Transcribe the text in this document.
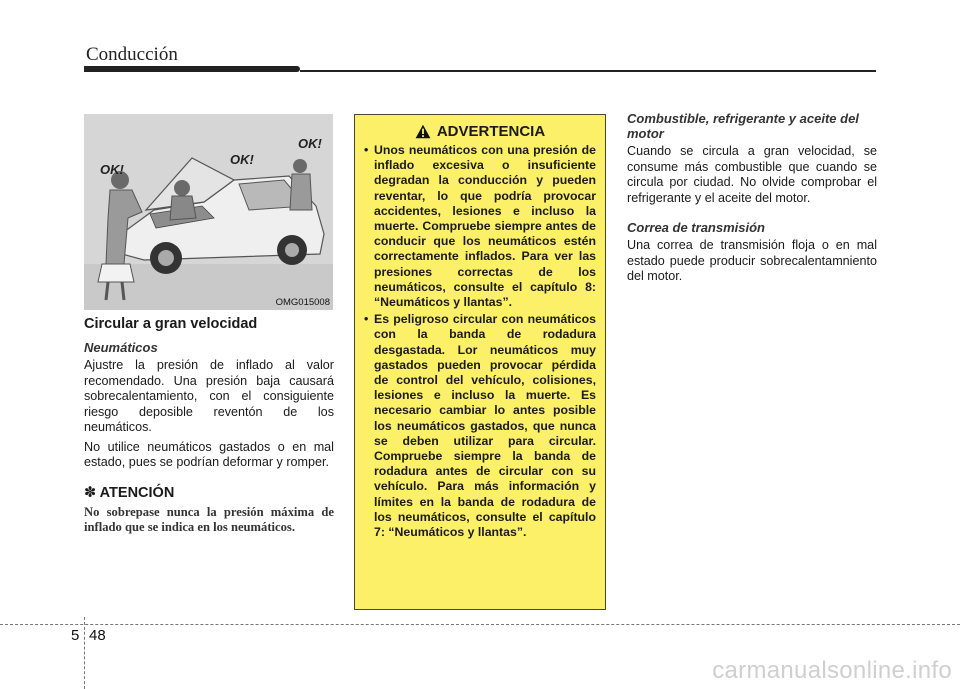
Conducción
OK!
OK!
OK!
OMG015008
Circular a gran velocidad
Neumáticos

Ajustre la presión de inflado al valor recomendado. Una presión baja causará sobrecalentamiento, con el consiguiente riesgo deposible reventón de los neumáticos.

No utilice neumáticos gastados o en mal estado, pues se podrían deformar y romper.

✽ ATENCIÓN

No sobrepase nunca la presión máxima de inflado que se indica en los neumáticos.

ADVERTENCIA
• Unos neumáticos con una presión de inflado excesiva o insuficiente degradan la conducción y pueden reventar, lo que podría provocar accidentes, lesiones e incluso la muerte. Compruebe siempre antes de conducir que los neumáticos estén correctamente inflados. Para ver las presiones correctas de los neumáticos, consulte el capítulo 8: “Neumáticos y llantas”.
• Es peligroso circular con neumáticos con la banda de rodadura desgastada. Lor neumáticos muy gastados pueden provocar pérdida de control del vehículo, colisiones, lesiones e incluso la muerte. Es necesario cambiar lo antes posible los neumáticos gastados, que nunca se deben utilizar para circular. Compruebe siempre la banda de rodadura antes de circular con su vehículo. Para más información y límites en la banda de rodadura de los neumáticos, consulte el capítulo 7: “Neumáticos y llantas”.
Combustible, refrigerante y aceite del motor

Cuando se circula a gran velocidad, se consume más combustible que cuando se circula por ciudad. No olvide comprobar el refrigerante y el aceite del motor.

Correa de transmisión

Una correa de transmisión floja o en mal estado puede producir sobrecalentamniento del motor.

5 48
carmanualsonline.info
